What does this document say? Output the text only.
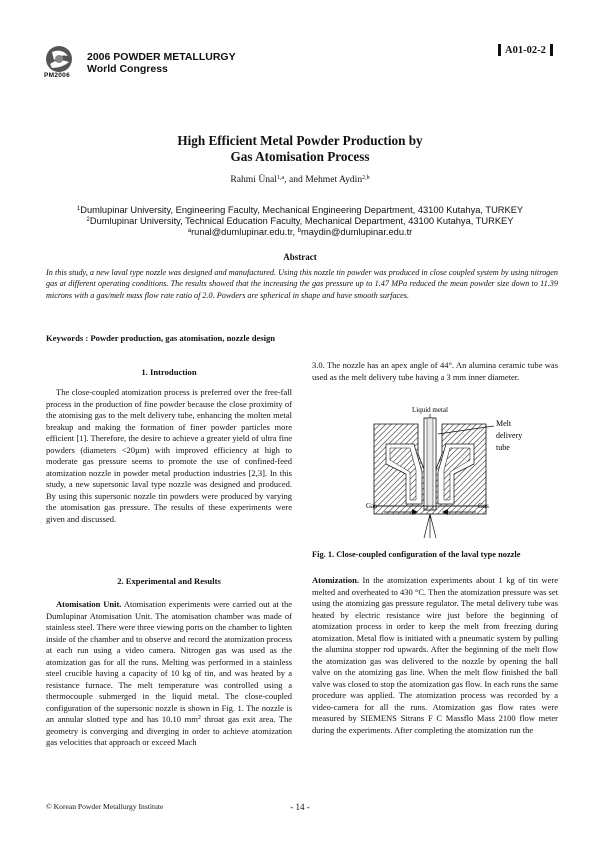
PM2006
2006 POWDER METALLURGY
World Congress
A01-02-2
High Efficient Metal Powder Production by
Gas Atomisation Process
Rahmi Ünal$^{1,a}$, and Mehmet Aydin$^{2,b}$
$^1$Dumlupinar University, Engineering Faculty, Mechanical Engineering Department, 43100 Kutahya, TURKEY
$^2$Dumlupinar University, Technical Education Faculty, Mechanical Department, 43100 Kutahya, TURKEY
$^a$runal@dumlupinar.edu.tr, $^b$maydin@dumlupinar.edu.tr
Abstract
In this study, a new laval type nozzle was designed and manufactured. Using this nozzle tin powder was produced in close coupled system by using nitrogen gas at different operating conditions. The results showed that the increasing the gas pressure up to 1.47 MPa reduced the mean powder size down to 11.39 microns with a gas/melt mass flow rate ratio of 2.0. Powders are spherical in shape and have smooth surfaces.
Keywords : Powder production, gas atomisation, nozzle design
1. Introduction

The close-coupled atomization process is preferred over the free-fall process in the production of fine powder because the close proximity of the atomising gas to the melt delivery tube, enhancing the molten metal breakup and making the formation of finer powder particles more efficient [1]. Therefore, the desire to achieve a greater yield of ultra fine powders (diameters <20µm) with improved efficiency at high to moderate gas pressure seems to promote the use of confined-feed atomization nozzle in powder metal production industries [2,3]. In this study, a new supersonic laval type nozzle was designed and produced. By using this supersonic nozzle tin powders were produced by varying the atomisation gas pressure. The results of these experiments were given and discussed.

2. Experimental and Results

Atomisation Unit. Atomisation experiments were carried out at the Dumlupinar Atomisation Unit. The atomisation chamber was made of stainless steel. There were three viewing ports on the chamber to lighten inside of the chamber and to observe and record the atomization process at each run using a video camera. Nitrogen gas was used as the atomization gas for all the runs. Melting was performed in a stainless steel crucible having a capacity of 10 kg of tin, and was heated by a resistance furnace. The melt temperature was controlled using a thermocouple submerged in the liquid metal. The close-coupled configuration of the supersonic nozzle is shown in Fig. 1. The nozzle is an annular slotted type and has 10.10 $mm^2$ throat gas exit area. The geometry is converging and diverging in order to achieve atomization gas velocities that approach or exceed Mach

3.0. The nozzle has an apex angle of 44°. An alumina ceramic tube was used as the melt delivery tube having a 3 mm inner diameter.

Liquid metal
Gas	Gas
Melt
delivery
tube
Fig. 1. Close-coupled configuration of the laval type nozzle

Atomization. In the atomization experiments about 1 kg of tin were melted and overheated to 430 °C. Then the atomization pressure was set using the atomizing gas pressure regulator. The metal delivery tube was heated by electric resistance wire just before the beginning of atomization process in order to keep the melt from freezing during atomization. Metal flow is initiated with a pneumatic system by pulling the alumina stopper rod upwards. After the beginning of the melt flow the atomization gas was delivered to the nozzle by opening the ball valve on the atomizing gas line. When the melt flow finished the ball valve was closed to stop the atomization gas flow. In each runs the same procedure was applied. The atomization process was recorded by a video-camera for all the runs. Atomization gas flow rates were measured by SIEMENS Sitrans F C Massflo Mass 2100 flow meter during the experiments. After completing the atomization run the

© Korean Powder Metallurgy Institute	- 14 -
